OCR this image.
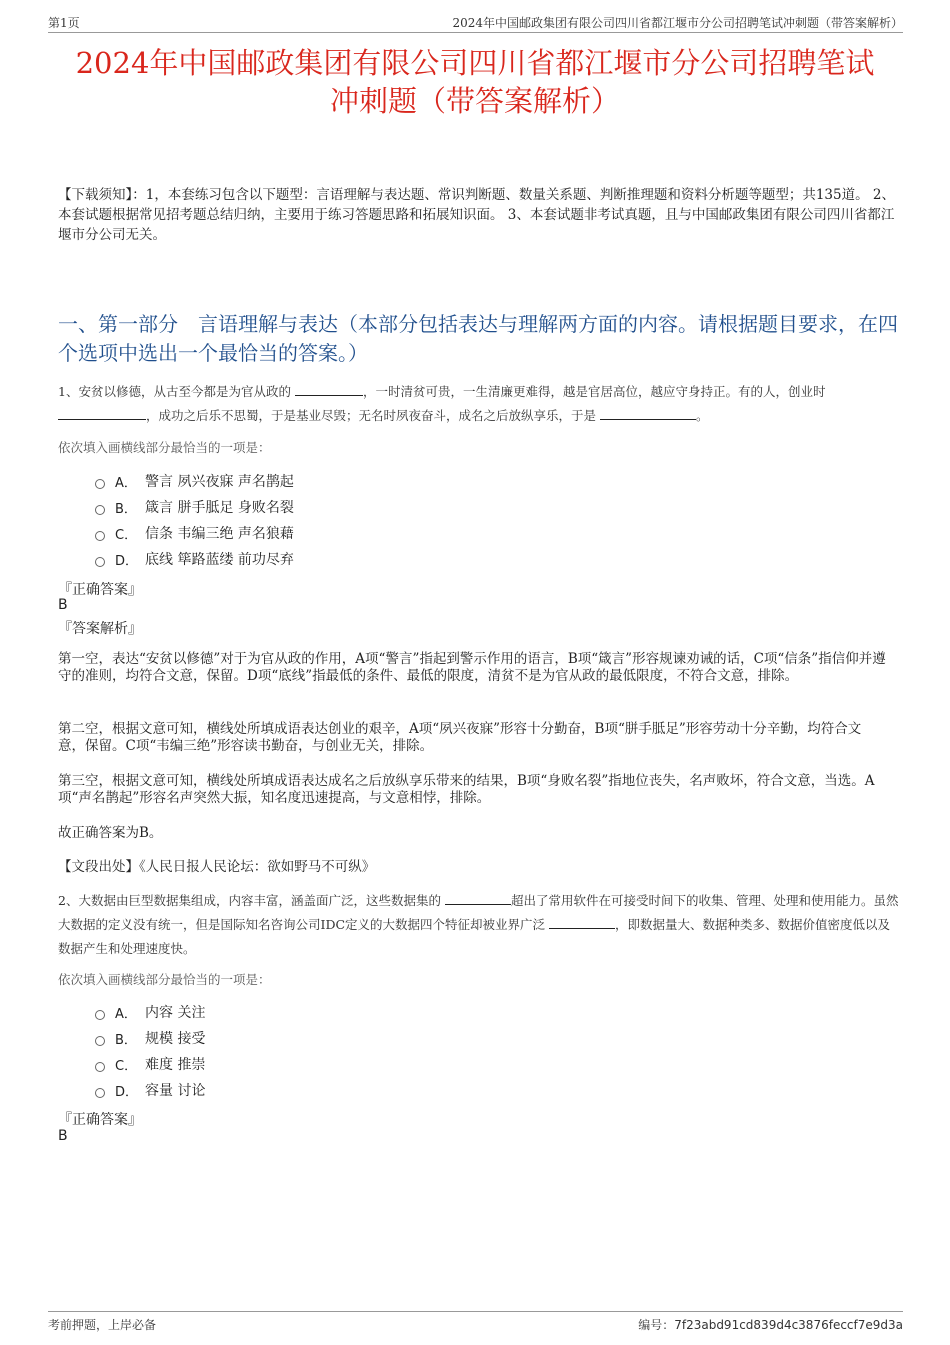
第1页	2024年中国邮政集团有限公司四川省都江堰市分公司招聘笔试冲刺题（带答案解析）
2024年中国邮政集团有限公司四川省都江堰市分公司招聘笔试
冲刺题（带答案解析）
【下载须知】：1，本套练习包含以下题型：言语理解与表达题、常识判断题、数量关系题、判断推理题和资料分析题等题型；共135道。 2、本套试题根据常见招考题总结归纳，主要用于练习答题思路和拓展知识面。 3、本套试题非考试真题，且与中国邮政集团有限公司四川省都江堰市分公司无关。
一、第一部分　言语理解与表达（本部分包括表达与理解两方面的内容。请根据题目要求，在四个选项中选出一个最恰当的答案。）
1、安贫以修德，从古至今都是为官从政的	，一时清贫可贵，一生清廉更难得，越是官居高位，越应守身持正。有的人，创业时，成功之后乐不思蜀，于是基业尽毁；无名时夙夜奋斗，成名之后放纵享乐，于是	。
依次填入画横线部分最恰当的一项是：
A． 警言 夙兴夜寐 声名鹊起
B． 箴言 胼手胝足 身败名裂
C． 信条 韦编三绝 声名狼藉
D． 底线 筚路蓝缕 前功尽弃
『正确答案』
B
『答案解析』
第一空，表达“安贫以修德”对于为官从政的作用，A项“警言”指起到警示作用的语言，B项“箴言”形容规谏劝诫的话，C项“信条”指信仰并遵守的准则，均符合文意，保留。D项“底线”指最低的条件、最低的限度，清贫不是为官从政的最低限度，不符合文意，排除。
第二空，根据文意可知，横线处所填成语表达创业的艰辛，A项“夙兴夜寐”形容十分勤奋，B项“胼手胝足”形容劳动十分辛勤，均符合文意，保留。C项“韦编三绝”形容读书勤奋，与创业无关，排除。
第三空，根据文意可知，横线处所填成语表达成名之后放纵享乐带来的结果，B项“身败名裂”指地位丧失，名声败坏，符合文意，当选。A项“声名鹊起”形容名声突然大振，知名度迅速提高，与文意相悖，排除。
故正确答案为B。
【文段出处】《人民日报人民论坛：欲如野马不可纵》
2、大数据由巨型数据集组成，内容丰富，涵盖面广泛，这些数据集的	超出了常用软件在可接受时间下的收集、管理、处理和使用能力。虽然大数据的定义没有统一，但是国际知名咨询公司IDC定义的大数据四个特征却被业界广泛	，即数据量大、数据种类多、数据价值密度低以及数据产生和处理速度快。
依次填入画横线部分最恰当的一项是：
A． 内容 关注
B． 规模 接受
C． 难度 推崇
D． 容量 讨论
『正确答案』
B
考前押题，上岸必备	编号：7f23abd91cd839d4c3876feccf7e9d3a
